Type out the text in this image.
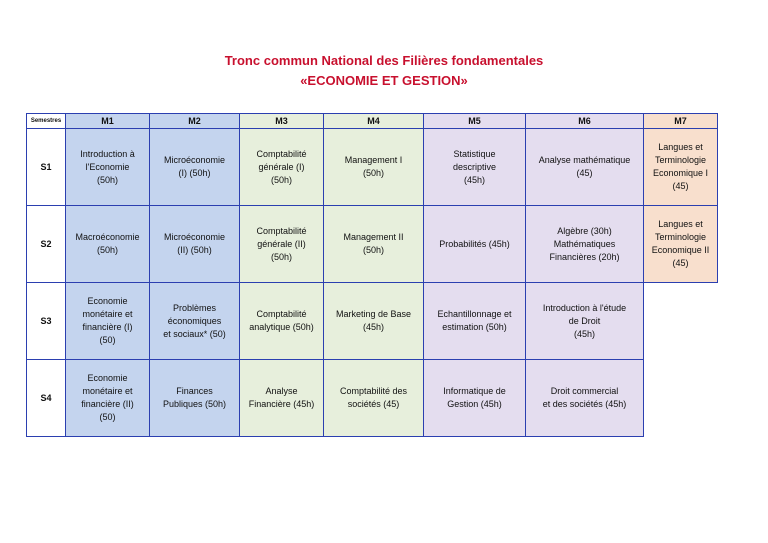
Tronc commun National des Filières fondamentales
«ECONOMIE ET GESTION»
Semestres	M1	M2	M3	M4	M5	M6	M7
S1	Introduction à
l'Economie
(50h)	Microéconomie
(I) (50h)	Comptabilité
générale (I)
(50h)	Management I
(50h)	Statistique
descriptive
(45h)	Analyse mathématique
(45)	Langues et
Terminologie
Economique I
(45)
S2	Macroéconomie
(50h)	Microéconomie
(II) (50h)	Comptabilité
générale (II)
(50h)	Management II
(50h)	Probabilités (45h)	Algèbre (30h)
Mathématiques
Financières (20h)	Langues et
Terminologie
Economique II
(45)
S3	Economie
monétaire et
financière (I)
(50)	Problèmes
économiques
et sociaux* (50)	Comptabilité
analytique (50h)	Marketing de Base
(45h)	Echantillonnage et
estimation (50h)	Introduction à l'étude
de Droit
(45h)	
S4	Economie
monétaire et
financière (II)
(50)	Finances
Publiques (50h)	Analyse
Financière (45h)	Comptabilité des
sociétés (45)	Informatique de
Gestion (45h)	Droit commercial
et des sociétés (45h)	
